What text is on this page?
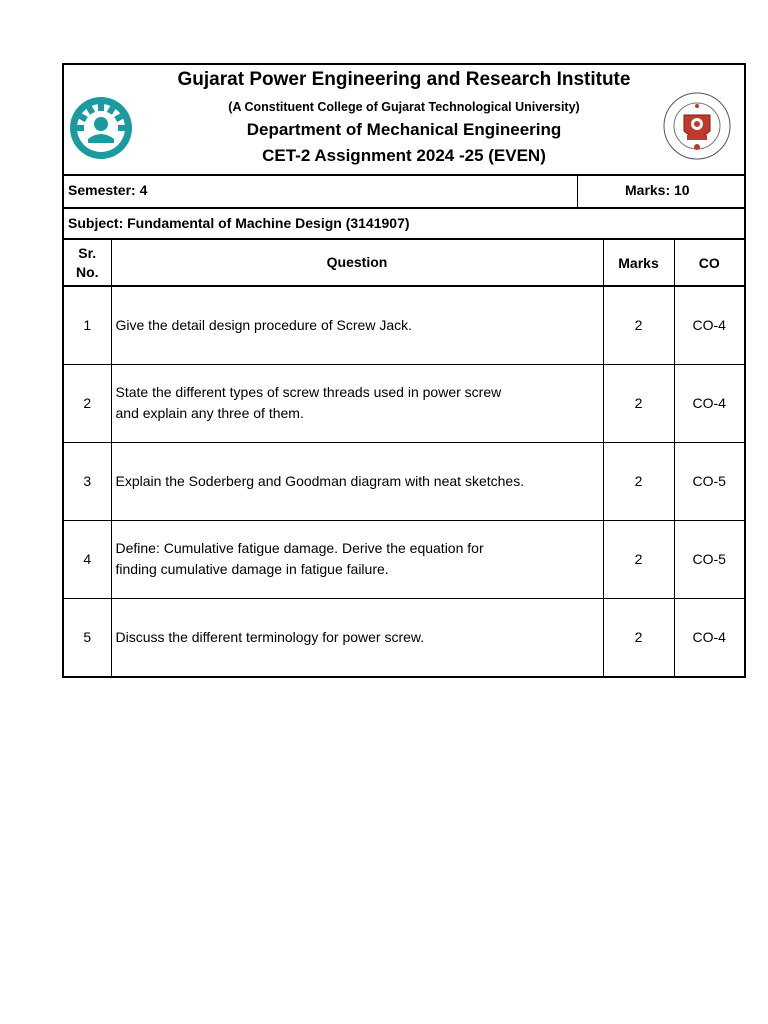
Gujarat Power Engineering and Research Institute
(A Constituent College of Gujarat Technological University)
Department of Mechanical Engineering
CET-2 Assignment 2024 -25 (EVEN)
Semester: 4	Marks: 10
Subject: Fundamental of Machine Design (3141907)
Sr.
No.	Question	Marks	CO
1	Give the detail design procedure of Screw Jack.	2	CO-4
2	State the different types of screw threads used in power screw
and explain any three of them.	2	CO-4
3	Explain the Soderberg and Goodman diagram with neat sketches.	2	CO-5
4	Define: Cumulative fatigue damage. Derive the equation for
finding cumulative damage in fatigue failure.	2	CO-5
5	Discuss the different terminology for power screw.	2	CO-4
